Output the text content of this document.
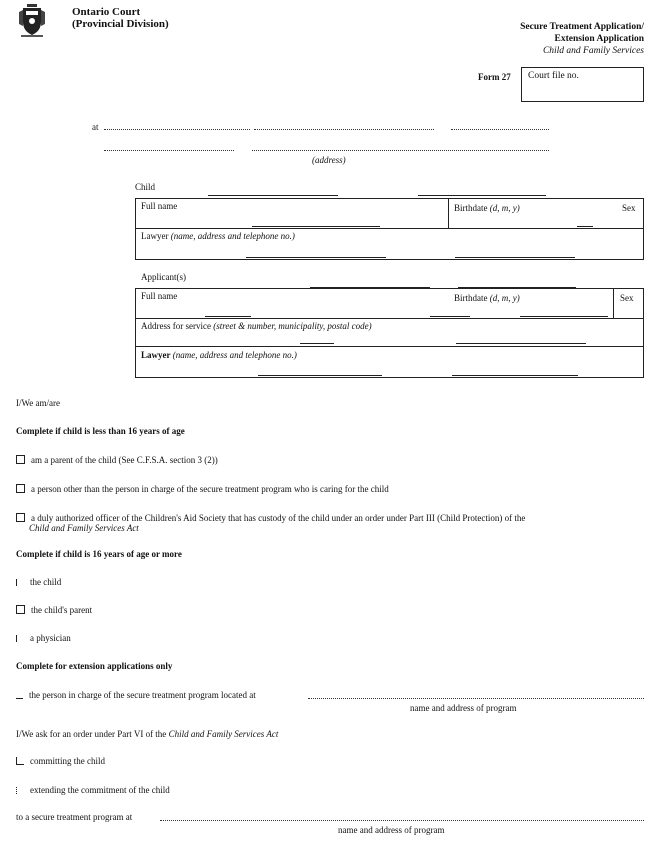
Ontario Court
(Provincial Division)	Secure Treatment Application/
Extension Application
Child and Family Services
Form 27 Court file no.
at
(address)
Child
Full name	Birthdate (d, m, y)	Sex
Lawyer (name, address and telephone no.)
Applicant(s)
Full name	Birthdate (d, m, y)	Sex
Address for service (street & number, municipality, postal code)
Lawyer (name, address and telephone no.)
I/We am/are
Complete if child is less than 16 years of age
am a parent of the child (See C.F.S.A. section 3 (2))
a person other than the person in charge of the secure treatment program who is caring for the child
a duly authorized officer of the Children's Aid Society that has custody of the child under an order under Part III (Child Protection) of the
Child and Family Services Act
Complete if child is 16 years of age or more
the child
the child's parent
a physician
Complete for extension applications only
the person in charge of the secure treatment program located at
name and address of program
I/We ask for an order under Part VI of the Child and Family Services Act
committing the child
extending the commitment of the child
to a secure treatment program at
name and address of program
